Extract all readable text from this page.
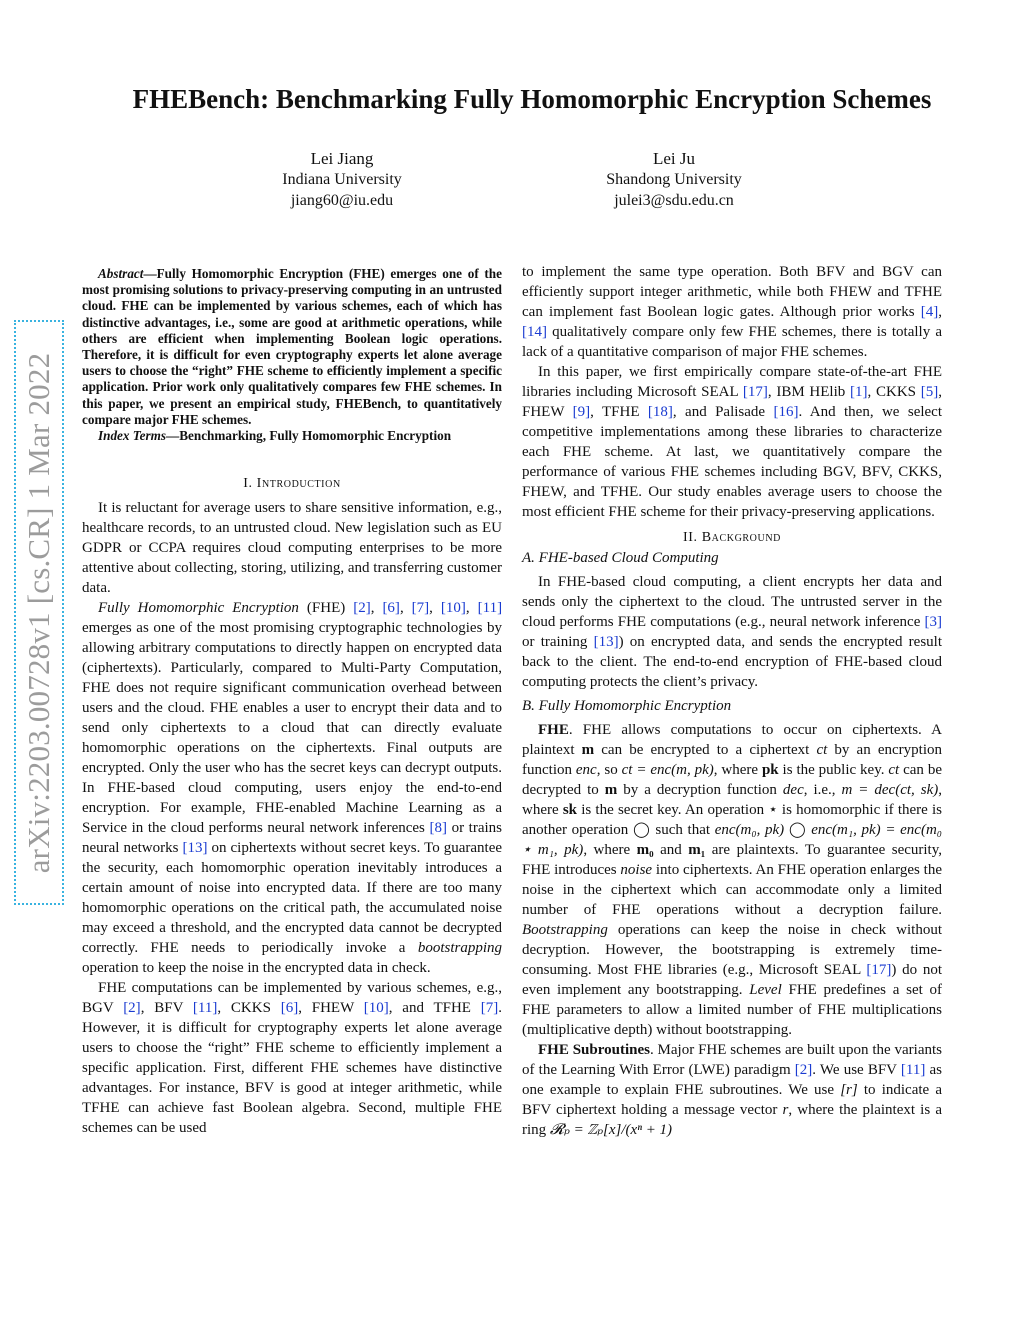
arXiv:2203.00728v1 [cs.CR] 1 Mar 2022
FHEBench: Benchmarking Fully Homomorphic Encryption Schemes
Lei Jiang
Indiana University
jiang60@iu.edu
Lei Ju
Shandong University
julei3@sdu.edu.cn

Abstract—Fully Homomorphic Encryption (FHE) emerges one of the most promising solutions to privacy-preserving computing in an untrusted cloud. FHE can be implemented by various schemes, each of which has distinctive advantages, i.e., some are good at arithmetic operations, while others are efficient when implementing Boolean logic operations. Therefore, it is difficult for even cryptography experts let alone average users to choose the “right” FHE scheme to efficiently implement a specific application. Prior work only qualitatively compares few FHE schemes. In this paper, we present an empirical study, FHEBench, to quantitatively compare major FHE schemes.

Index Terms—Benchmarking, Fully Homomorphic Encryption

I. Introduction

It is reluctant for average users to share sensitive information, e.g., healthcare records, to an untrusted cloud. New legislation such as EU GDPR or CCPA requires cloud computing enterprises to be more attentive about collecting, storing, utilizing, and transferring customer data.

Fully Homomorphic Encryption (FHE) [2], [6], [7], [10], [11] emerges as one of the most promising cryptographic technologies by allowing arbitrary computations to directly happen on encrypted data (ciphertexts). Particularly, compared to Multi-Party Computation, FHE does not require significant communication overhead between users and the cloud. FHE enables a user to encrypt their data and to send only ciphertexts to a cloud that can directly evaluate homomorphic operations on the ciphertexts. Final outputs are encrypted. Only the user who has the secret keys can decrypt outputs. In FHE-based cloud computing, users enjoy the end-to-end encryption. For example, FHE-enabled Machine Learning as a Service in the cloud performs neural network inferences [8] or trains neural networks [13] on ciphertexts without secret keys. To guarantee the security, each homomorphic operation inevitably introduces a certain amount of noise into encrypted data. If there are too many homomorphic operations on the critical path, the accumulated noise may exceed a threshold, and the encrypted data cannot be decrypted correctly. FHE needs to periodically invoke a bootstrapping operation to keep the noise in the encrypted data in check.

FHE computations can be implemented by various schemes, e.g., BGV [2], BFV [11], CKKS [6], FHEW [10], and TFHE [7]. However, it is difficult for cryptography experts let alone average users to choose the “right” FHE scheme to efficiently implement a specific application. First, different FHE schemes have distinctive advantages. For instance, BFV is good at integer arithmetic, while TFHE can achieve fast Boolean algebra. Second, multiple FHE schemes can be used

to implement the same type operation. Both BFV and BGV can efficiently support integer arithmetic, while both FHEW and TFHE can implement fast Boolean logic gates. Although prior works [4], [14] qualitatively compare only few FHE schemes, there is totally a lack of a quantitative comparison of major FHE schemes.

In this paper, we first empirically compare state-of-the-art FHE libraries including Microsoft SEAL [17], IBM HElib [1], CKKS [5], FHEW [9], TFHE [18], and Palisade [16]. And then, we select competitive implementations among these libraries to characterize each FHE scheme. At last, we quantitatively compare the performance of various FHE schemes including BGV, BFV, CKKS, FHEW, and TFHE. Our study enables average users to choose the most efficient FHE scheme for their privacy-preserving applications.

II. Background

A. FHE-based Cloud Computing

In FHE-based cloud computing, a client encrypts her data and sends only the ciphertext to the cloud. The untrusted server in the cloud performs FHE computations (e.g., neural network inference [3] or training [13]) on encrypted data, and sends the encrypted result back to the client. The end-to-end encryption of FHE-based cloud computing protects the client’s privacy.

B. Fully Homomorphic Encryption

FHE. FHE allows computations to occur on ciphertexts. A plaintext m can be encrypted to a ciphertext ct by an encryption function enc, so ct = enc(m, pk), where pk is the public key. ct can be decrypted to m by a decryption function dec, i.e., m = dec(ct, sk), where sk is the secret key. An operation ⋆ is homomorphic if there is another operation ◯ such that enc(m₀, pk) ◯ enc(m₁, pk) = enc(m₀ ⋆ m₁, pk), where m₀ and m₁ are plaintexts. To guarantee security, FHE introduces noise into ciphertexts. An FHE operation enlarges the noise in the ciphertext which can accommodate only a limited number of FHE operations without a decryption failure. Bootstrapping operations can keep the noise in check without decryption. However, the bootstrapping is extremely time-consuming. Most FHE libraries (e.g., Microsoft SEAL [17]) do not even implement any bootstrapping. Level FHE predefines a set of FHE parameters to allow a limited number of FHE multiplications (multiplicative depth) without bootstrapping.

FHE Subroutines. Major FHE schemes are built upon the variants of the Learning With Error (LWE) paradigm [2]. We use BFV [11] as one example to explain FHE subroutines. We use [r] to indicate a BFV ciphertext holding a message vector r, where the plaintext is a ring 𝓡ₚ = ℤₚ[x]/(xⁿ + 1)
